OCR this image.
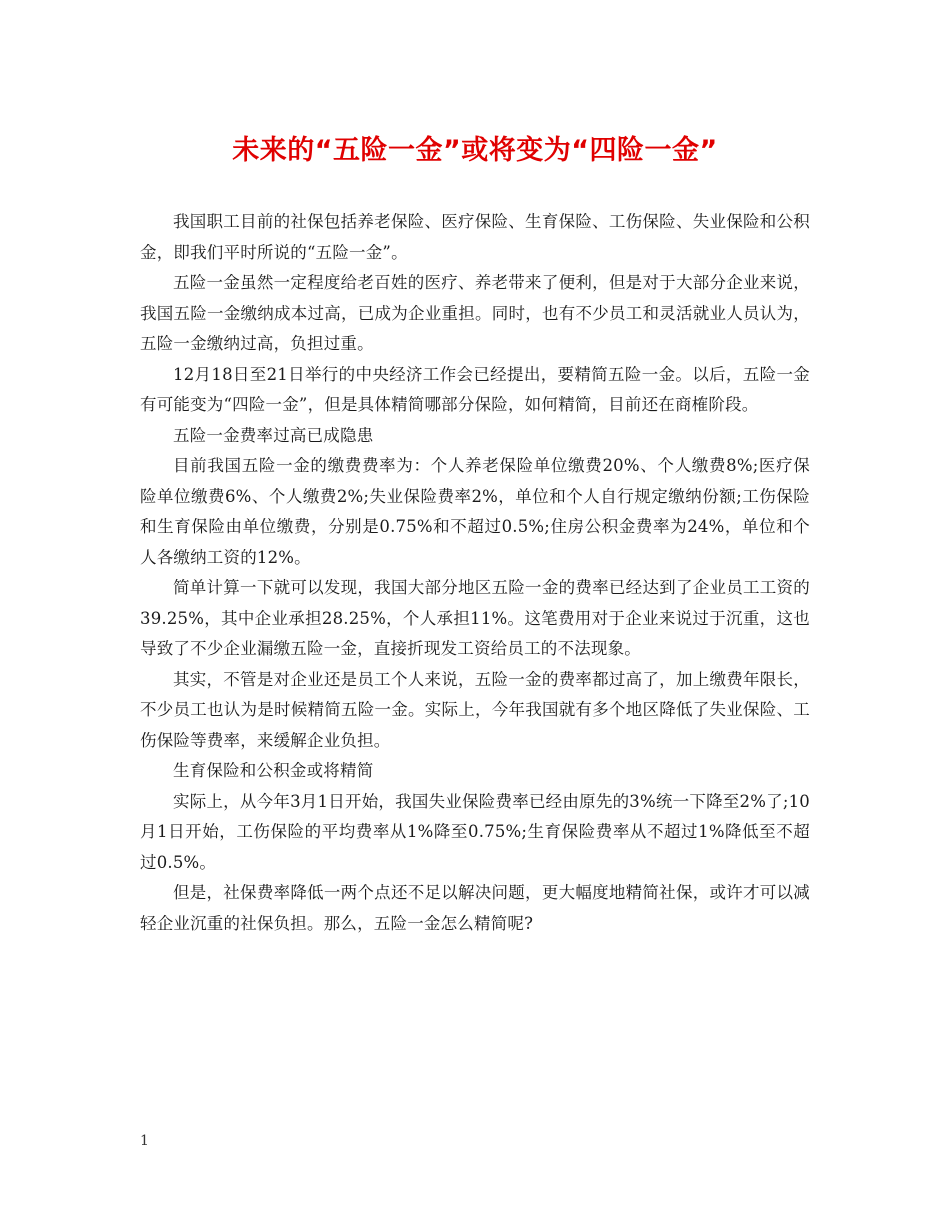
未来的“五险一金”或将变为“四险一金”

我国职工目前的社保包括养老保险、医疗保险、生育保险、工伤保险、失业保险和公积金，即我们平时所说的“五险一金”。

五险一金虽然一定程度给老百姓的医疗、养老带来了便利，但是对于大部分企业来说，我国五险一金缴纳成本过高，已成为企业重担。同时，也有不少员工和灵活就业人员认为，五险一金缴纳过高，负担过重。

12月18日至21日举行的中央经济工作会已经提出，要精简五险一金。以后，五险一金有可能变为“四险一金”，但是具体精简哪部分保险，如何精简，目前还在商榷阶段。

五险一金费率过高已成隐患

目前我国五险一金的缴费费率为：个人养老保险单位缴费20%、个人缴费8%;医疗保险单位缴费6%、个人缴费2%;失业保险费率2%，单位和个人自行规定缴纳份额;工伤保险和生育保险由单位缴费，分别是0.75%和不超过0.5%;住房公积金费率为24%，单位和个人各缴纳工资的12%。

简单计算一下就可以发现，我国大部分地区五险一金的费率已经达到了企业员工工资的39.25%，其中企业承担28.25%，个人承担11%。这笔费用对于企业来说过于沉重，这也导致了不少企业漏缴五险一金，直接折现发工资给员工的不法现象。

其实，不管是对企业还是员工个人来说，五险一金的费率都过高了，加上缴费年限长，不少员工也认为是时候精简五险一金。实际上，今年我国就有多个地区降低了失业保险、工伤保险等费率，来缓解企业负担。

生育保险和公积金或将精简

实际上，从今年3月1日开始，我国失业保险费率已经由原先的3%统一下降至2%了;10月1日开始，工伤保险的平均费率从1%降至0.75%;生育保险费率从不超过1%降低至不超过0.5%。

但是，社保费率降低一两个点还不足以解决问题，更大幅度地精简社保，或许才可以减轻企业沉重的社保负担。那么，五险一金怎么精简呢?

1
